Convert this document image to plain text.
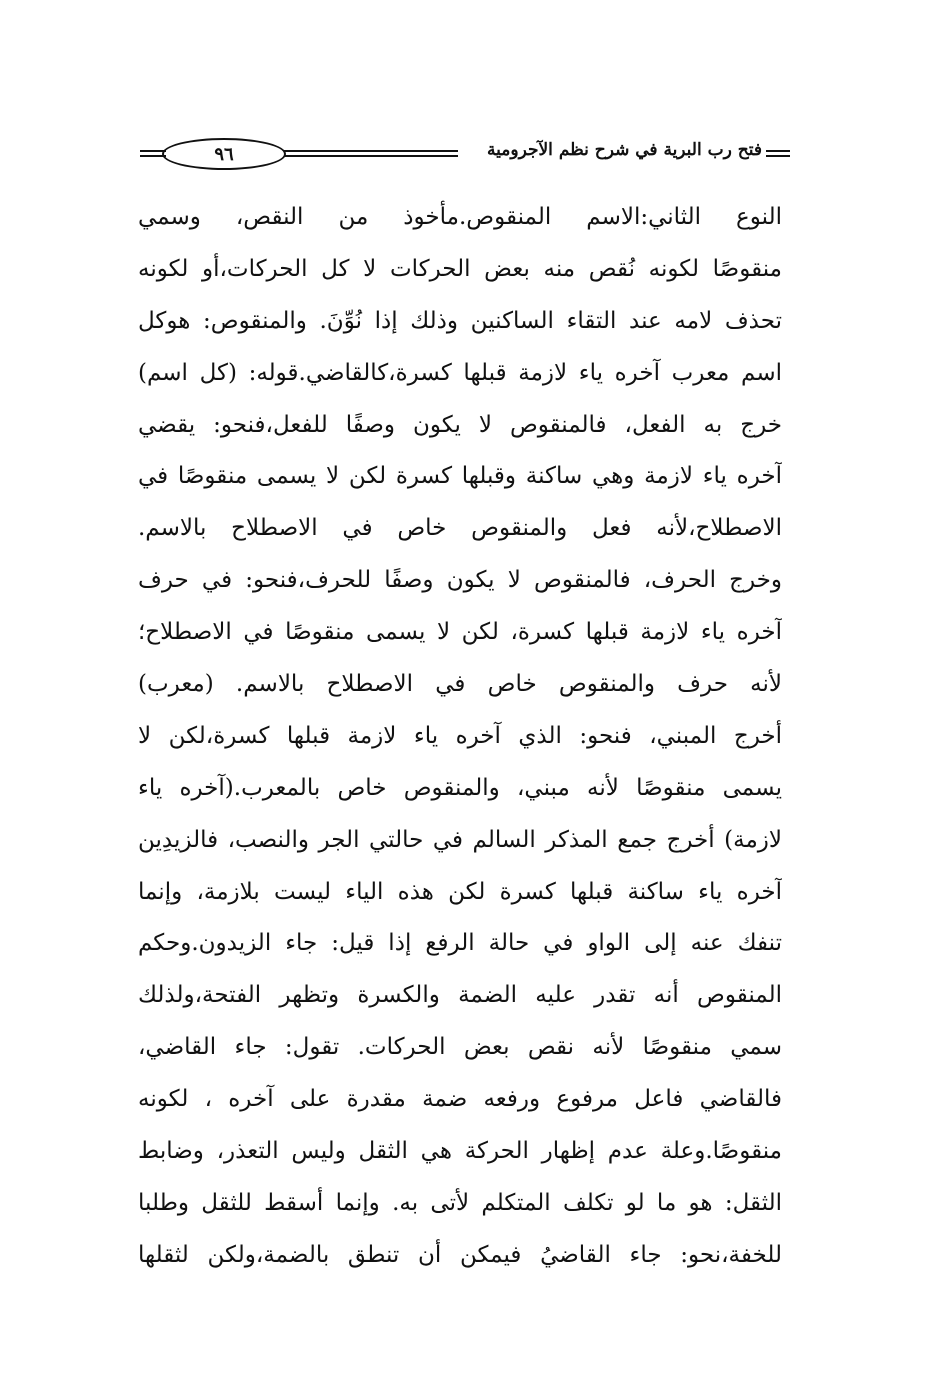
فتح رب البرية في شرح نظم الآجرومية
٩٦
النوع الثاني:الاسم المنقوص.مأخوذ من النقص، وسمي
منقوصًا لكونه نُقص منه بعض الحركات لا كل الحركات،أو لكونه
تحذف لامه عند التقاء الساكنين وذلك إذا نُوِّنَ. والمنقوص: هوكل
اسم معرب آخره ياء لازمة قبلها كسرة،كالقاضي.قوله: (كل اسم)
خرج به الفعل، فالمنقوص لا يكون وصفًا للفعل،فنحو: يقضي
آخره ياء لازمة وهي ساكنة وقبلها كسرة لكن لا يسمى منقوصًا في
الاصطلاح،لأنه فعل والمنقوص خاص في الاصطلاح بالاسم.
وخرج الحرف، فالمنقوص لا يكون وصفًا للحرف،فنحو: في حرف
آخره ياء لازمة قبلها كسرة، لكن لا يسمى منقوصًا في الاصطلاح؛
لأنه حرف والمنقوص خاص في الاصطلاح بالاسم. (معرب)
أخرج المبني، فنحو: الذي آخره ياء لازمة قبلها كسرة،لكن لا
يسمى منقوصًا لأنه مبني، والمنقوص خاص بالمعرب.(آخره ياء
لازمة) أخرج جمع المذكر السالم في حالتي الجر والنصب، فالزيدِين
آخره ياء ساكنة قبلها كسرة لكن هذه الياء ليست بلازمة، وإنما
تنفك عنه إلى الواو في حالة الرفع إذا قيل: جاء الزيدون.وحكم
المنقوص أنه تقدر عليه الضمة والكسرة وتظهر الفتحة،ولذلك
سمي منقوصًا لأنه نقص بعض الحركات. تقول: جاء القاضي،
فالقاضي فاعل مرفوع ورفعه ضمة مقدرة على آخره ، لكونه
منقوصًا.وعلة عدم إظهار الحركة هي الثقل وليس التعذر، وضابط
الثقل: هو ما لو تكلف المتكلم لأتى به. وإنما أسقط للثقل وطلبا
للخفة،نحو: جاء القاضيُ فيمكن أن تنطق بالضمة،ولكن لثقلها
